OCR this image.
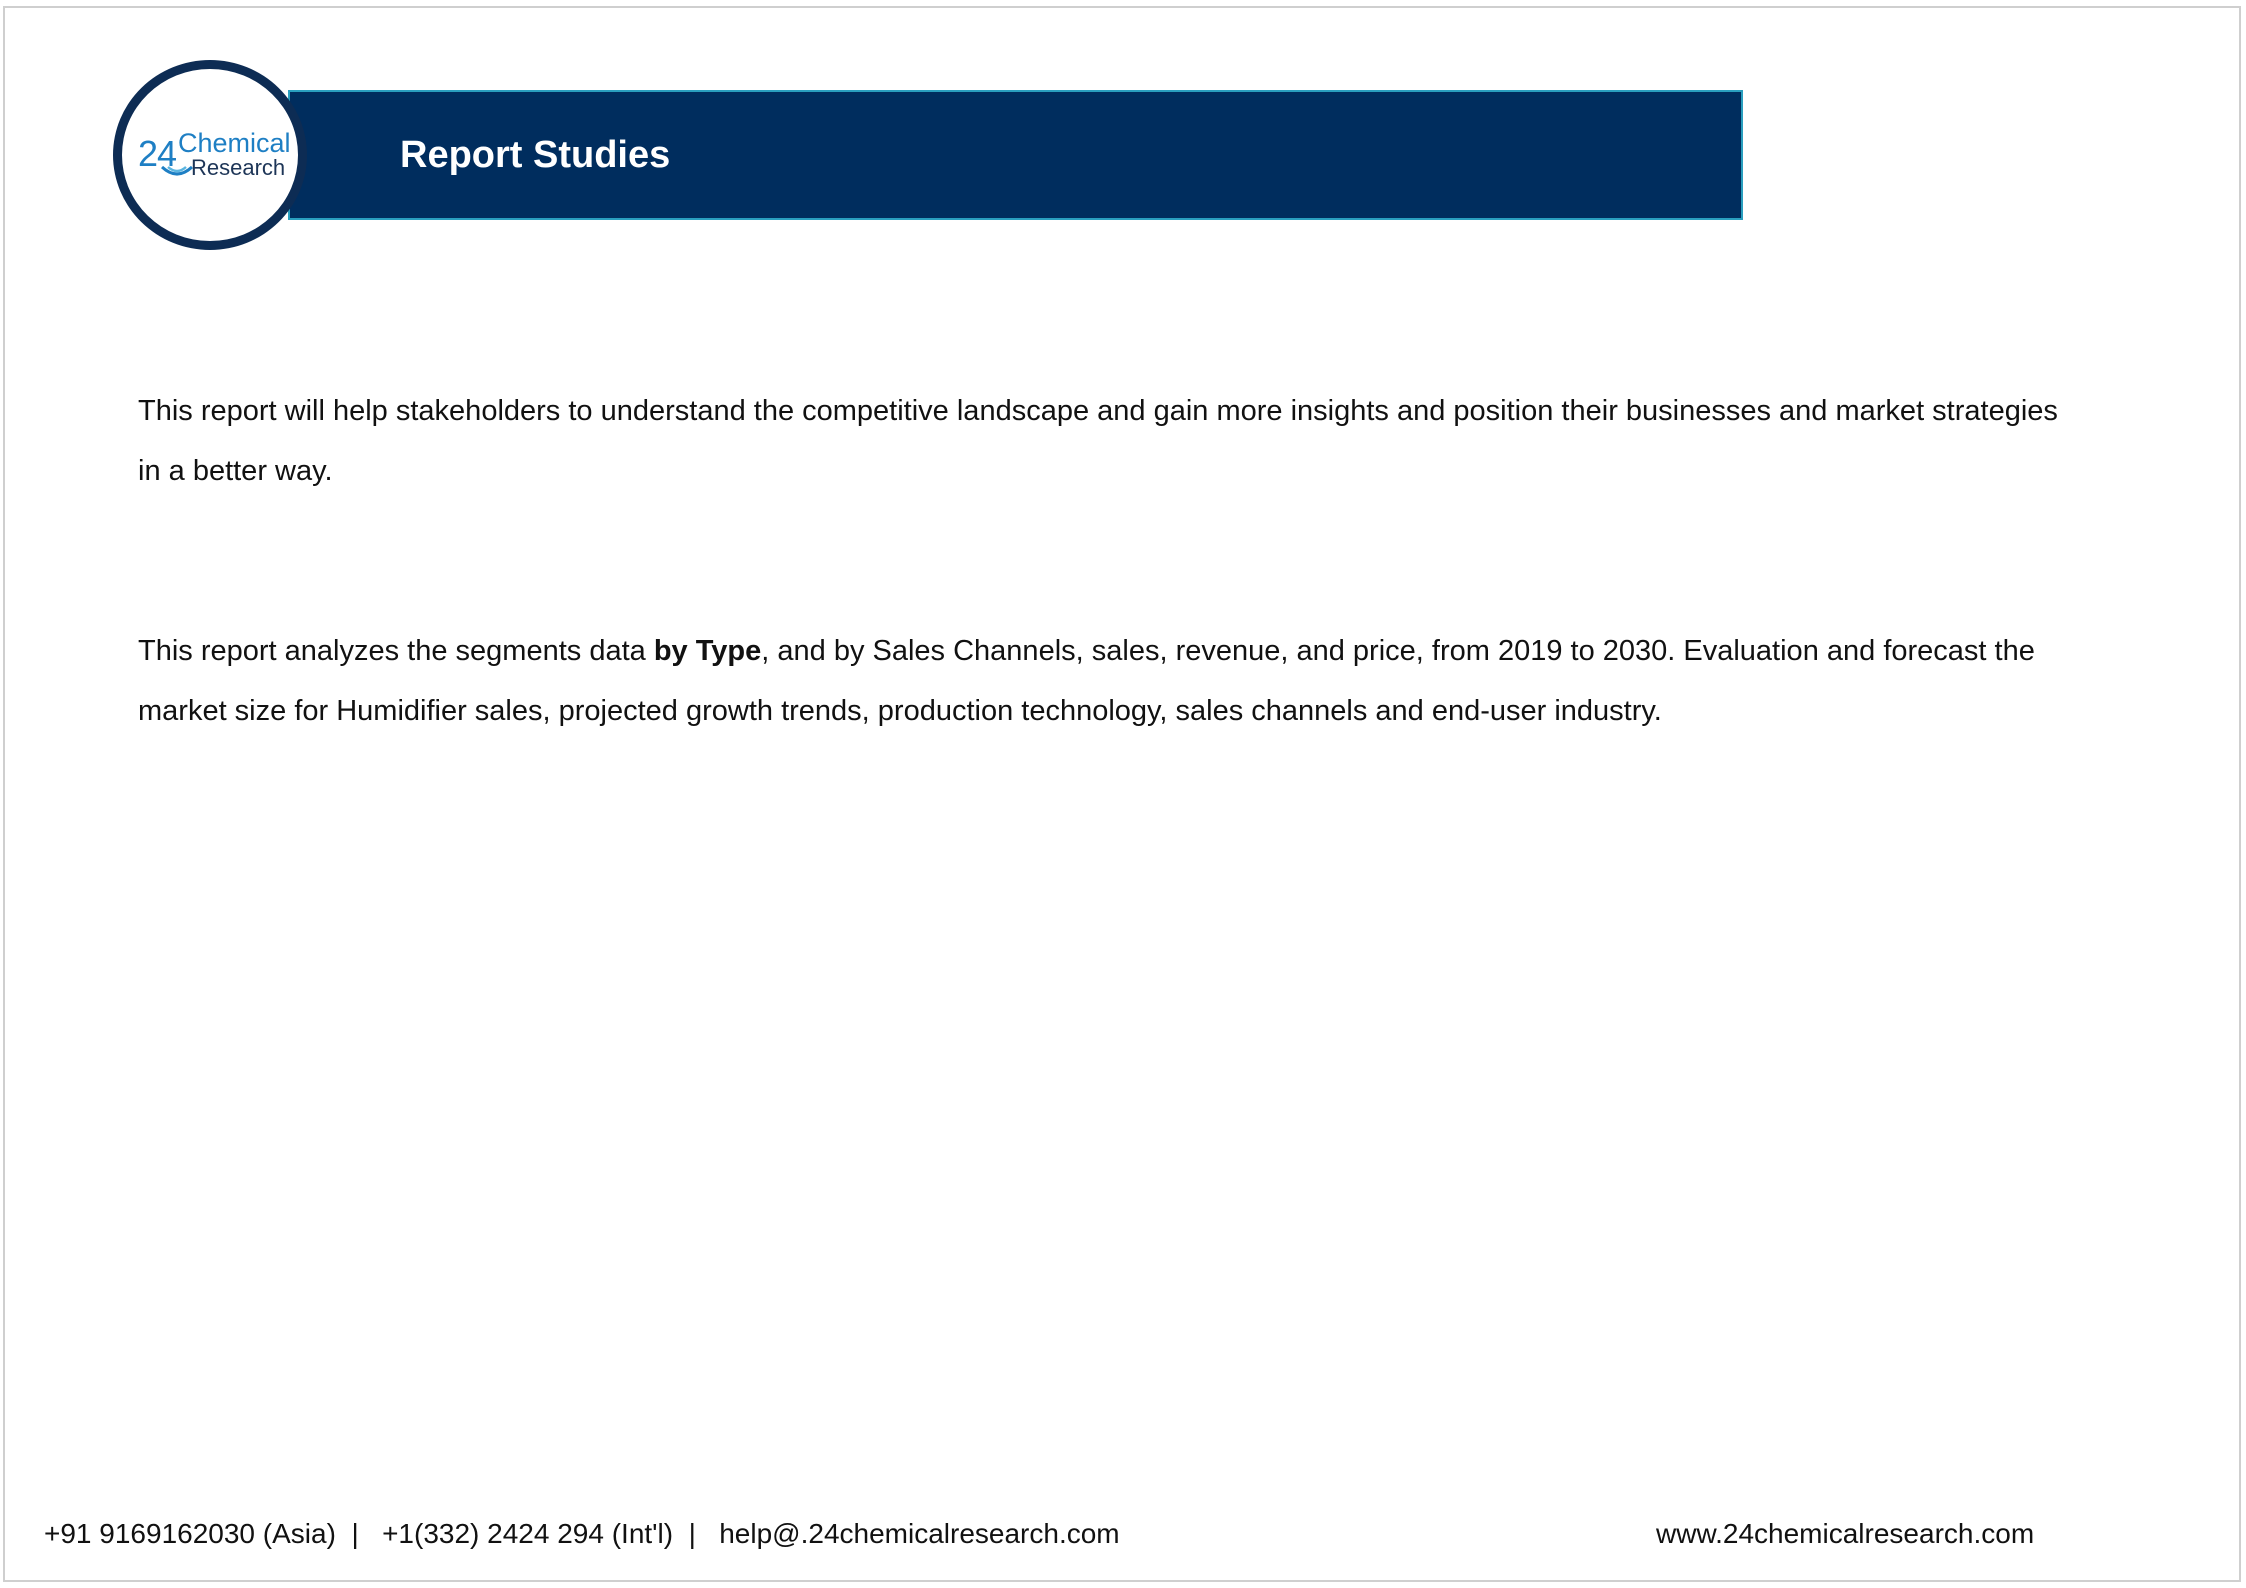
Report Studies
24 Chemical
Research
This report will help stakeholders to understand the competitive landscape and gain more insights and position their businesses and market strategies in a better way.
This report analyzes the segments data by Type, and by Sales Channels, sales, revenue, and price, from 2019 to 2030. Evaluation and forecast the market size for Humidifier sales, projected growth trends, production technology, sales channels and end-user industry.
+91 9169162030 (Asia)  |   +1(332) 2424 294 (Int'l)  |   help@.24chemicalresearch.com	www.24chemicalresearch.com
